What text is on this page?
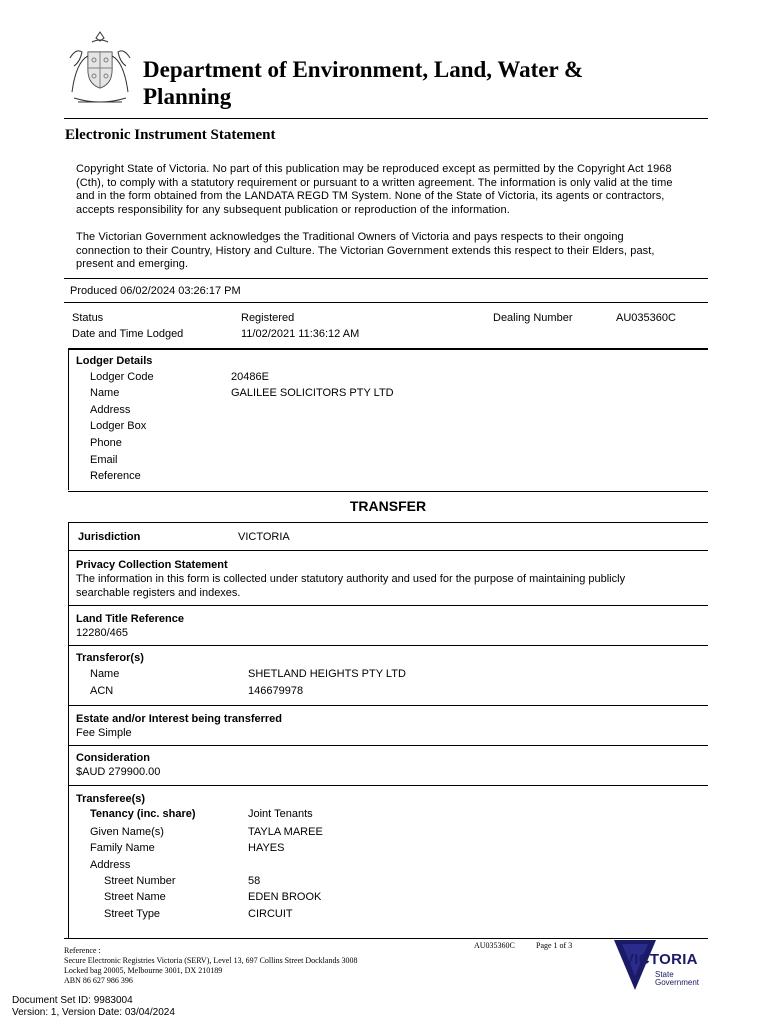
Department of Environment, Land, Water &
Planning
Electronic Instrument Statement
Copyright State of Victoria. No part of this publication may be reproduced except as permitted by the Copyright Act 1968
(Cth), to comply with a statutory requirement or pursuant to a written agreement. The information is only valid at the time
and in the form obtained from the LANDATA REGD TM System. None of the State of Victoria, its agents or contractors,
accepts responsibility for any subsequent publication or reproduction of the information.
The Victorian Government acknowledges the Traditional Owners of Victoria and pays respects to their ongoing
connection to their Country, History and Culture. The Victorian Government extends this respect to their Elders, past,
present and emerging.
Produced 06/02/2024 03:26:17 PM
Status	Registered	Dealing Number	AU035360C
Date and Time Lodged	11/02/2021 11:36:12 AM
Lodger Details
Lodger Code	20486E
Name	GALILEE SOLICITORS PTY LTD
Address
Lodger Box
Phone
Email
Reference
TRANSFER
Jurisdiction	VICTORIA
Privacy Collection Statement
The information in this form is collected under statutory authority and used for the purpose of maintaining publicly
searchable registers and indexes.
Land Title Reference
12280/465
Transferor(s)
Name	SHETLAND HEIGHTS PTY LTD
ACN	146679978
Estate and/or Interest being transferred
Fee Simple
Consideration
$AUD 279900.00
Transferee(s)
Tenancy (inc. share)	Joint Tenants
Given Name(s)	TAYLA MAREE
Family Name	HAYES
Address
Street Number	58
Street Name	EDEN BROOK
Street Type	CIRCUIT
Reference :
Secure Electronic Registries Victoria (SERV), Level 13, 697 Collins Street Docklands 3008
Locked bag 20005, Melbourne 3001, DX 210189
ABN 86 627 986 396
AU035360C	Page 1 of 3
VICTORIA
State
Government
Document Set ID: 9983004
Version: 1, Version Date: 03/04/2024
